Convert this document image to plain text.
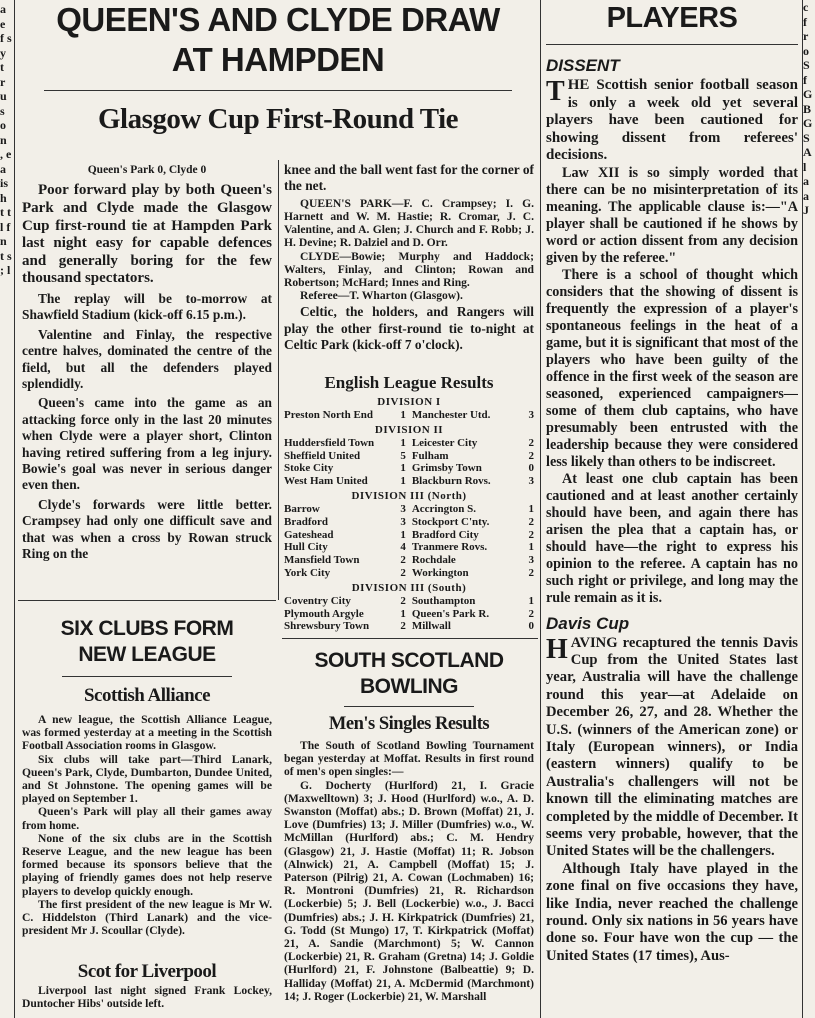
a e f s y t r u s o n , e a is h t t l f n t s ; l
c f r o S f G B G S A l a a J
QUEEN'S AND CLYDE DRAW
AT HAMPDEN
Glasgow Cup First-Round Tie

Queen's Park 0, Clyde 0

Poor forward play by both Queen's Park and Clyde made the Glasgow Cup first-round tie at Hampden Park last night easy for capable defences and generally boring for the few thousand spectators.

The replay will be to-morrow at Shawfield Stadium (kick-off 6.15 p.m.).

Valentine and Finlay, the respective centre halves, dominated the centre of the field, but all the defenders played splendidly.

Queen's came into the game as an attacking force only in the last 20 minutes when Clyde were a player short, Clinton having retired suffering from a leg injury. Bowie's goal was never in serious danger even then.

Clyde's forwards were little better. Crampsey had only one difficult save and that was when a cross by Rowan struck Ring on the

knee and the ball went fast for the corner of the net.

QUEEN'S PARK—F. C. Crampsey; I. G. Harnett and W. M. Hastie; R. Cromar, J. C. Valentine, and A. Glen; J. Church and F. Robb; J. H. Devine; R. Dalziel and D. Orr.

CLYDE—Bowie; Murphy and Haddock; Walters, Finlay, and Clinton; Rowan and Robertson; McHard; Innes and Ring.

Referee—T. Wharton (Glasgow).

Celtic, the holders, and Rangers will play the other first-round tie to-night at Celtic Park (kick-off 7 o'clock).

English League Results
DIVISION I
Preston North End	1	Manchester Utd.	3
DIVISION II
Huddersfield Town	1	Leicester City	2
Sheffield United	5	Fulham	2
Stoke City	1	Grimsby Town	0
West Ham United	1	Blackburn Rovs.	3
DIVISION III (North)
Barrow	3	Accrington S.	1
Bradford	3	Stockport C'nty.	2
Gateshead	1	Bradford City	2
Hull City	4	Tranmere Rovs.	1
Mansfield Town	2	Rochdale	3
York City	2	Workington	2
DIVISION III (South)
Coventry City	2	Southampton	1
Plymouth Argyle	1	Queen's Park R.	2
Shrewsbury Town	2	Millwall	0
SIX CLUBS FORM
NEW LEAGUE
Scottish Alliance

A new league, the Scottish Alliance League, was formed yesterday at a meeting in the Scottish Football Association rooms in Glasgow.

Six clubs will take part—Third Lanark, Queen's Park, Clyde, Dumbarton, Dundee United, and St Johnstone. The opening games will be played on September 1.

Queen's Park will play all their games away from home.

None of the six clubs are in the Scottish Reserve League, and the new league has been formed because its sponsors believe that the playing of friendly games does not help reserve players to develop quickly enough.

The first president of the new league is Mr W. C. Hiddelston (Third Lanark) and the vice-president Mr J. Scoullar (Clyde).

Scot for Liverpool

Liverpool last night signed Frank Lockey, Duntocher Hibs' outside left.

SOUTH SCOTLAND
BOWLING
Men's Singles Results

The South of Scotland Bowling Tournament began yesterday at Moffat. Results in first round of men's open singles:—

G. Docherty (Hurlford) 21, I. Gracie (Maxwelltown) 3; J. Hood (Hurlford) w.o., A. D. Swanston (Moffat) abs.; D. Brown (Moffat) 21, J. Love (Dumfries) 13; J. Miller (Dumfries) w.o., W. McMillan (Hurlford) abs.; C. M. Hendry (Glasgow) 21, J. Hastie (Moffat) 11; R. Jobson (Alnwick) 21, A. Campbell (Moffat) 15; J. Paterson (Pilrig) 21, A. Cowan (Lochmaben) 16; R. Montroni (Dumfries) 21, R. Richardson (Lockerbie) 5; J. Bell (Lockerbie) w.o., J. Bacci (Dumfries) abs.; J. H. Kirkpatrick (Dumfries) 21, G. Todd (St Mungo) 17, T. Kirkpatrick (Moffat) 21, A. Sandie (Marchmont) 5; W. Cannon (Lockerbie) 21, R. Graham (Gretna) 14; J. Goldie (Hurlford) 21, F. Johnstone (Balbeattie) 9; D. Halliday (Moffat) 21, A. McDermid (Marchmont) 14; J. Roger (Lockerbie) 21, W. Marshall

PLAYERS
DISSENT
THE Scottish senior football season is only a week old yet several players have been cautioned for showing dissent from referees' decisions.

Law XII is so simply worded that there can be no misinterpretation of its meaning. The applicable clause is:—"A player shall be cautioned if he shows by word or action dissent from any decision given by the referee."

There is a school of thought which considers that the showing of dissent is frequently the expression of a player's spontaneous feelings in the heat of a game, but it is significant that most of the players who have been guilty of the offence in the first week of the season are seasoned, experienced campaigners—some of them club captains, who have presumably been entrusted with the leadership because they were considered less likely than others to be indiscreet.

At least one club captain has been cautioned and at least another certainly should have been, and again there has arisen the plea that a captain has, or should have—the right to express his opinion to the referee. A captain has no such right or privilege, and long may the rule remain as it is.

Davis Cup
HAVING recaptured the tennis Davis Cup from the United States last year, Australia will have the challenge round this year—at Adelaide on December 26, 27, and 28. Whether the U.S. (winners of the American zone) or Italy (European winners), or India (eastern winners) qualify to be Australia's challengers will not be known till the eliminating matches are completed by the middle of December. It seems very probable, however, that the United States will be the challengers.

Although Italy have played in the zone final on five occasions they have, like India, never reached the challenge round. Only six nations in 56 years have done so. Four have won the cup — the United States (17 times), Aus-
